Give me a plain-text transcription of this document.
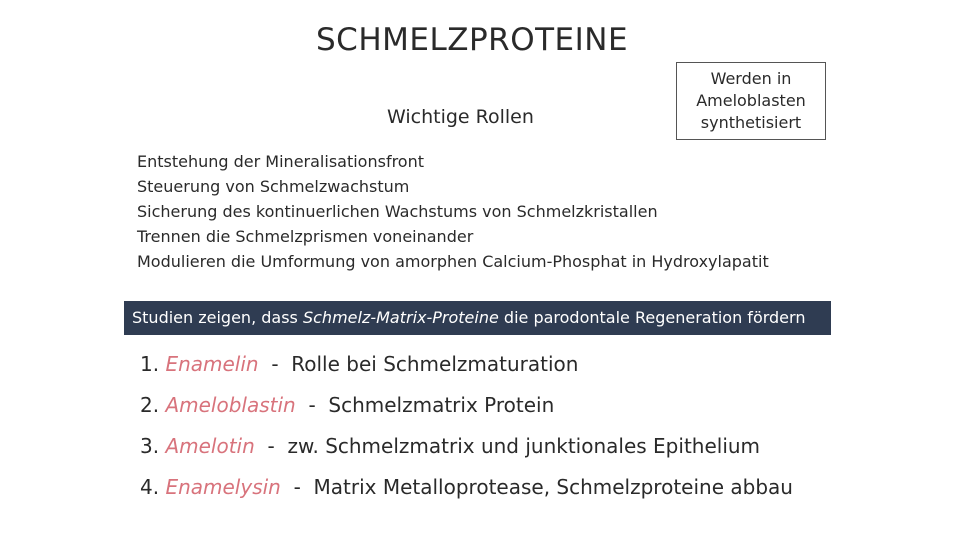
SCHMELZPROTEINE
Wichtige Rollen
Werden in
Ameloblasten
synthetisiert
Entstehung der Mineralisationsfront
Steuerung von Schmelzwachstum
Sicherung des kontinuerlichen Wachstums von Schmelzkristallen
Trennen die Schmelzprismen voneinander
Modulieren die Umformung von amorphen Calcium-Phosphat in Hydroxylapatit
Studien zeigen, dass Schmelz-Matrix-Proteine die parodontale Regeneration fördern
1. Enamelin - Rolle bei Schmelzmaturation
2. Ameloblastin - Schmelzmatrix Protein
3. Amelotin - zw. Schmelzmatrix und junktionales Epithelium
4. Enamelysin - Matrix Metalloprotease, Schmelzproteine abbau
